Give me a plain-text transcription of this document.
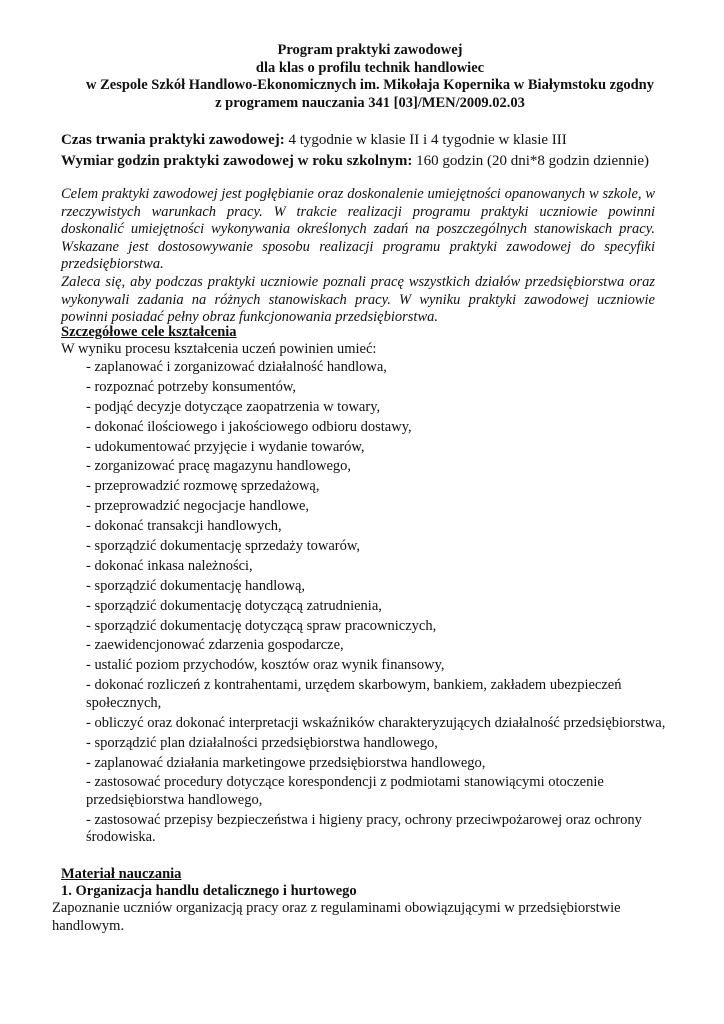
Program praktyki zawodowej
dla klas o profilu technik handlowiec
w Zespole Szkół Handlowo-Ekonomicznych im. Mikołaja Kopernika w Białymstoku zgodny
z programem nauczania 341 [03]/MEN/2009.02.03
Czas trwania praktyki zawodowej: 4 tygodnie w klasie II i 4 tygodnie w klasie III
Wymiar godzin praktyki zawodowej w roku szkolnym: 160 godzin (20 dni*8 godzin dziennie)

Celem praktyki zawodowej jest pogłębianie oraz doskonalenie umiejętności opanowanych w szkole, w rzeczywistych warunkach pracy. W trakcie realizacji programu praktyki uczniowie powinni doskonalić umiejętności wykonywania określonych zadań na poszczególnych stanowiskach pracy. Wskazane jest dostosowywanie sposobu realizacji programu praktyki zawodowej do specyfiki przedsiębiorstwa.

Zaleca się, aby podczas praktyki uczniowie poznali pracę wszystkich działów przedsiębiorstwa oraz wykonywali zadania na różnych stanowiskach pracy. W wyniku praktyki zawodowej uczniowie powinni posiadać pełny obraz funkcjonowania przedsiębiorstwa.

Szczegółowe cele kształcenia
W wyniku procesu kształcenia uczeń powinien umieć:
- zaplanować i zorganizować działalność handlowa,
- rozpoznać potrzeby konsumentów,
- podjąć decyzje dotyczące zaopatrzenia w towary,
- dokonać ilościowego i jakościowego odbioru dostawy,
- udokumentować przyjęcie i wydanie towarów,
- zorganizować pracę magazynu handlowego,
- przeprowadzić rozmowę sprzedażową,
- przeprowadzić negocjacje handlowe,
- dokonać transakcji handlowych,
- sporządzić dokumentację sprzedaży towarów,
- dokonać inkasa należności,
- sporządzić dokumentację handlową,
- sporządzić dokumentację dotyczącą zatrudnienia,
- sporządzić dokumentację dotyczącą spraw pracowniczych,
- zaewidencjonować zdarzenia gospodarcze,
- ustalić poziom przychodów, kosztów oraz wynik finansowy,
- dokonać rozliczeń z kontrahentami, urzędem skarbowym, bankiem, zakładem ubezpieczeń społecznych,
- obliczyć oraz dokonać interpretacji wskaźników charakteryzujących działalność przedsiębiorstwa,
- sporządzić plan działalności przedsiębiorstwa handlowego,
- zaplanować działania marketingowe przedsiębiorstwa handlowego,
- zastosować procedury dotyczące korespondencji z podmiotami stanowiącymi otoczenie przedsiębiorstwa handlowego,
- zastosować przepisy bezpieczeństwa i higieny pracy, ochrony przeciwpożarowej oraz ochrony środowiska.
Materiał nauczania
1. Organizacja handlu detalicznego i hurtowego
Zapoznanie uczniów organizacją pracy oraz z regulaminami obowiązującymi w przedsiębiorstwie handlowym.
